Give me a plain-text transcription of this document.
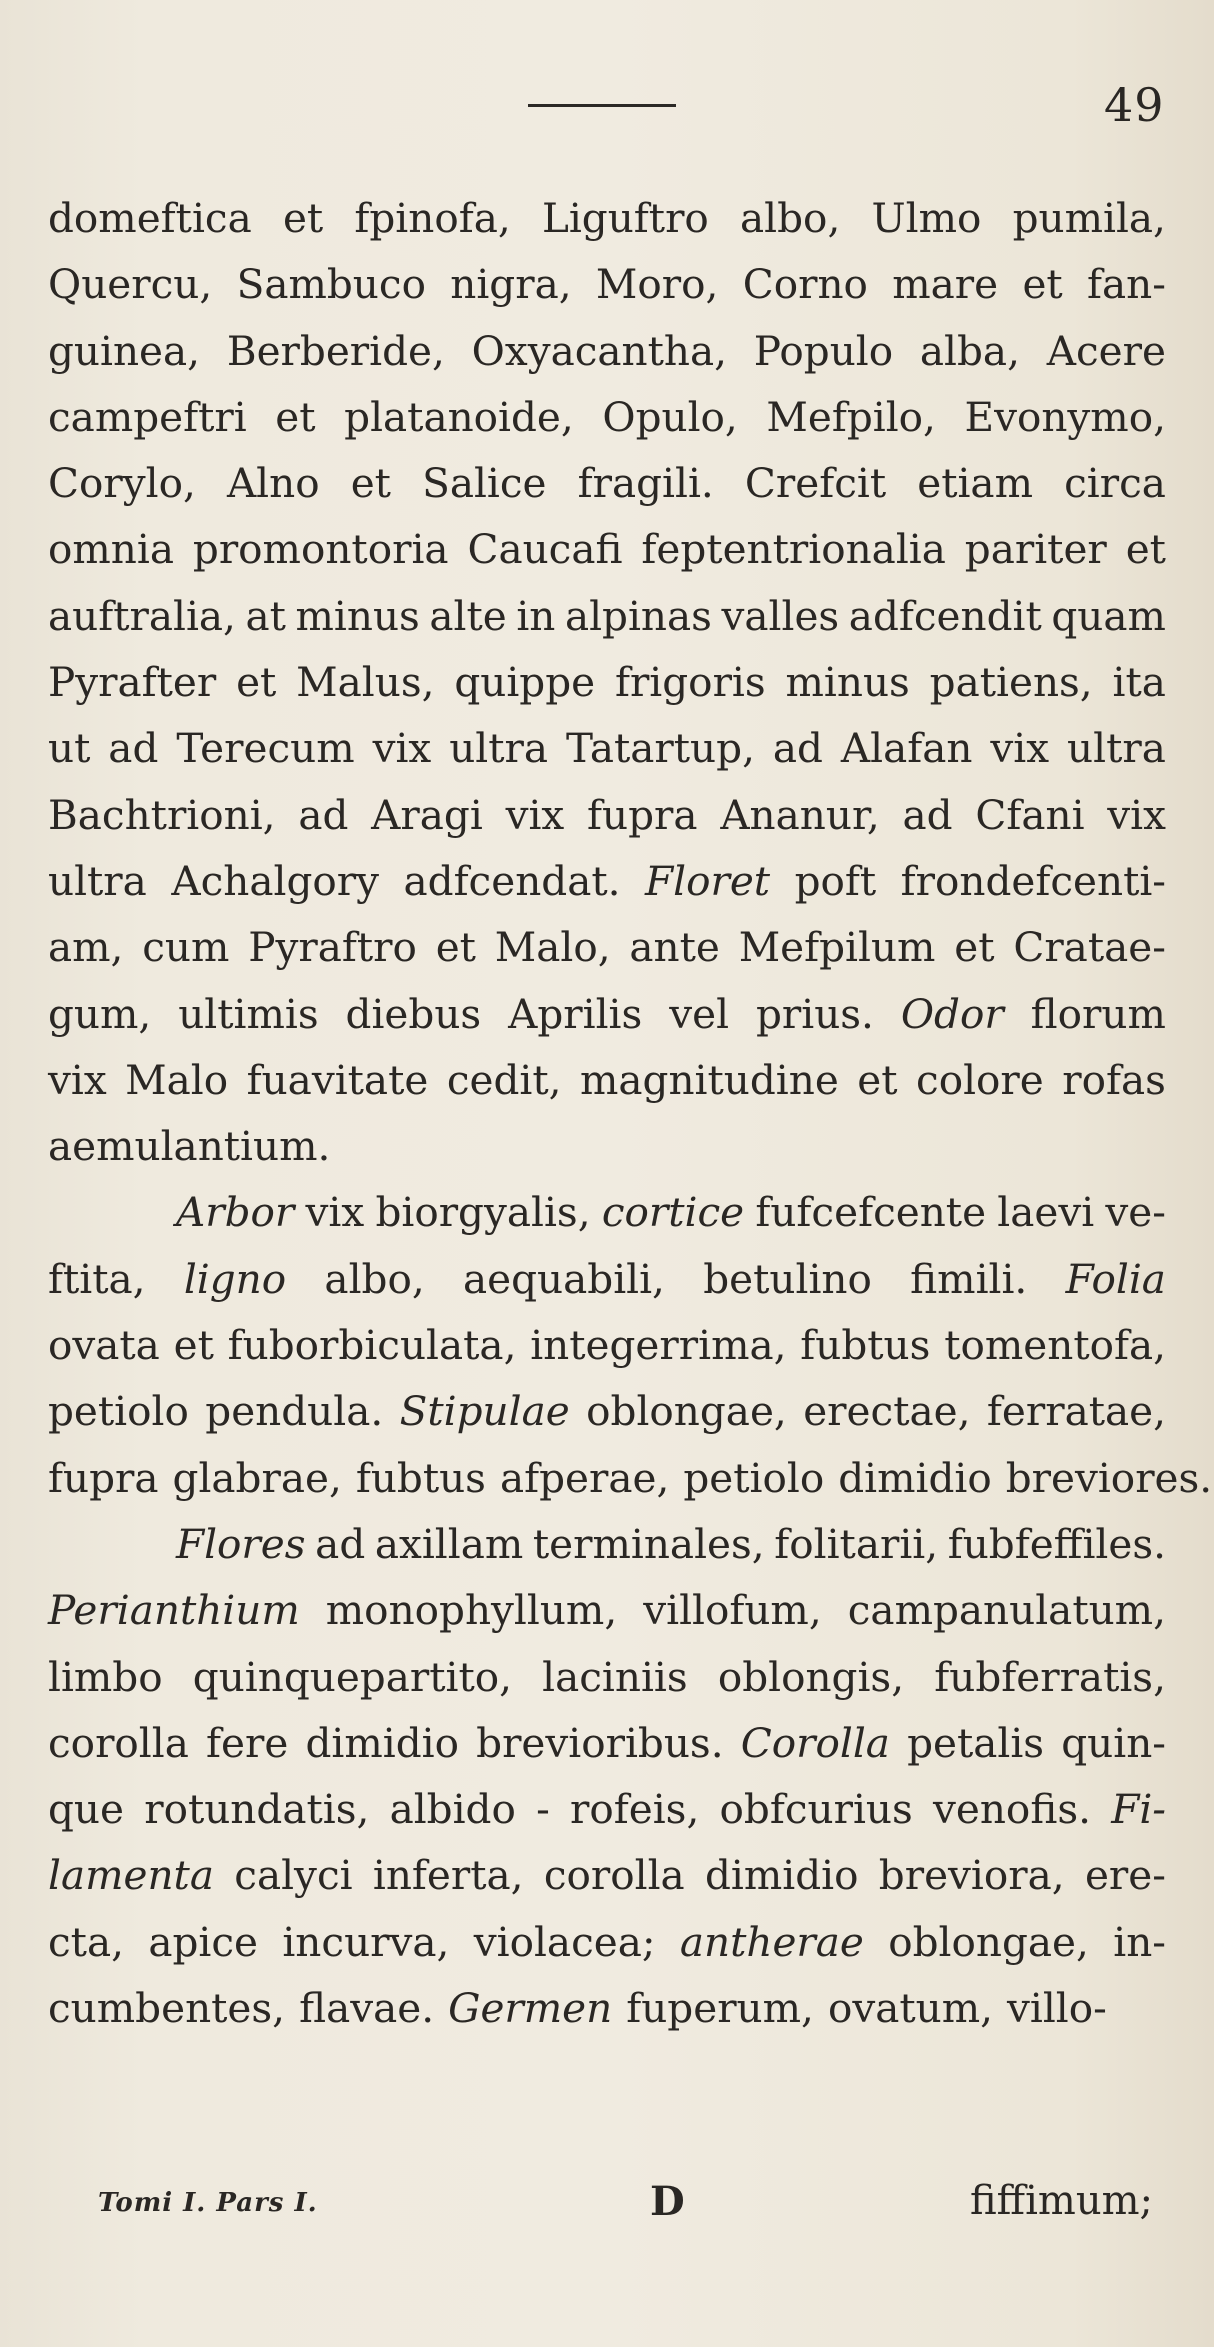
49
domeftica et fpinofa, Liguftro albo, Ulmo pumila,
Quercu, Sambuco nigra, Moro, Corno mare et fan-
guinea, Berberide, Oxyacantha, Populo alba, Acere
campeftri et platanoide, Opulo, Mefpilo, Evonymo,
Corylo, Alno et Salice fragili. Crefcit etiam circa
omnia promontoria Caucafi feptentrionalia pariter et
auftralia, at minus alte in alpinas valles adfcendit quam
Pyrafter et Malus, quippe frigoris minus patiens, ita
ut ad Terecum vix ultra Tatartup, ad Alafan vix ultra
Bachtrioni, ad Aragi vix fupra Ananur, ad Cfani vix
ultra Achalgory adfcendat. Floret poft frondefcenti-
am, cum Pyraftro et Malo, ante Mefpilum et Cratae-
gum, ultimis diebus Aprilis vel prius. Odor florum
vix Malo fuavitate cedit, magnitudine et colore rofas
aemulantium.
Arbor vix biorgyalis, cortice fufcefcente laevi ve-
ftita, ligno albo, aequabili, betulino fimili. Folia
ovata et fuborbiculata, integerrima, fubtus tomentofa,
petiolo pendula. Stipulae oblongae, erectae, ferratae,
fupra glabrae, fubtus afperae, petiolo dimidio breviores.
Flores ad axillam terminales, folitarii, fubfeffiles.
Perianthium monophyllum, villofum, campanulatum,
limbo quinquepartito, laciniis oblongis, fubferratis,
corolla fere dimidio brevioribus. Corolla petalis quin-
que rotundatis, albido - rofeis, obfcurius venofis. Fi-
lamenta calyci inferta, corolla dimidio breviora, ere-
cta, apice incurva, violacea; antherae oblongae, in-
cumbentes, flavae. Germen fuperum, ovatum, villo-
Tomi I. Pars I.	D	fiffimum;
